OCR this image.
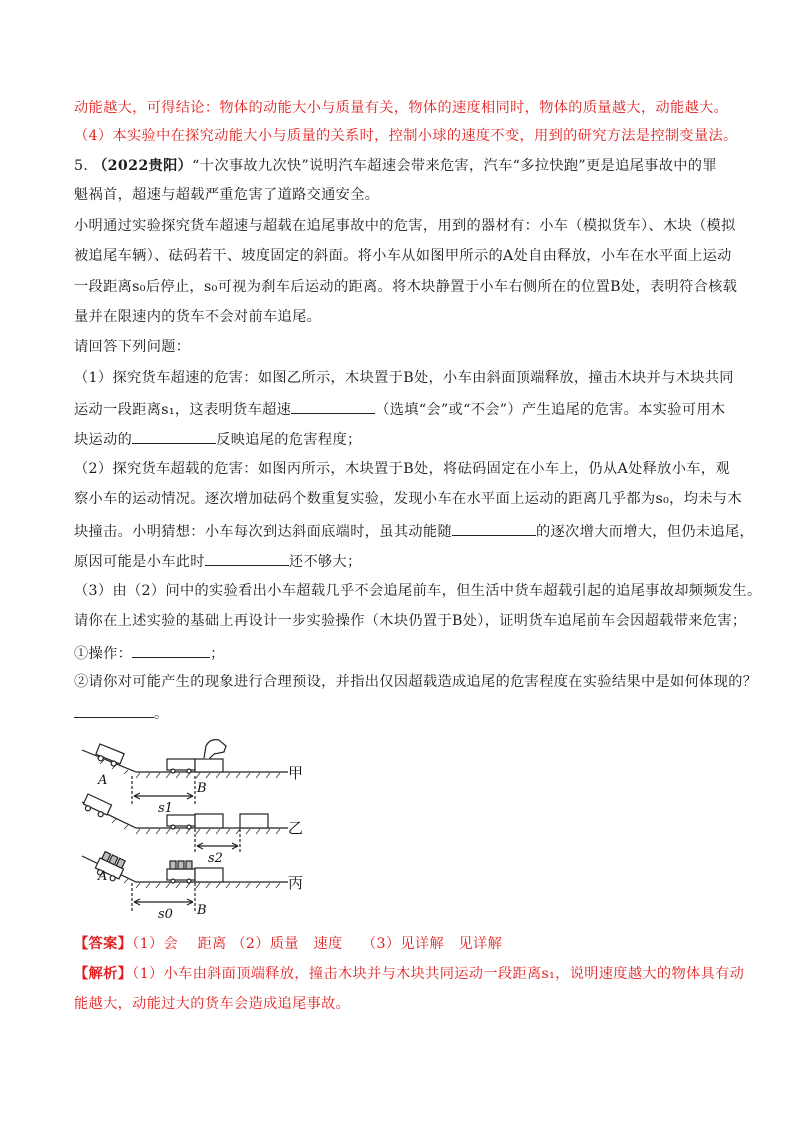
动能越大，可得结论：物体的动能大小与质量有关，物体的速度相同时，物体的质量越大，动能越大。
（4）本实验中在探究动能大小与质量的关系时，控制小球的速度不变，用到的研究方法是控制变量法。
5. （2022贵阳）“十次事故九次快”说明汽车超速会带来危害，汽车“多拉快跑”更是追尾事故中的罪
魁祸首，超速与超载严重危害了道路交通安全。
小明通过实验探究货车超速与超载在追尾事故中的危害，用到的器材有：小车（模拟货车）、木块（模拟
被追尾车辆）、砝码若干、坡度固定的斜面。将小车从如图甲所示的A处自由释放，小车在水平面上运动
一段距离s₀后停止，s₀可视为刹车后运动的距离。将木块静置于小车右侧所在的位置B处，表明符合核载
量并在限速内的货车不会对前车追尾。
请回答下列问题：
（1）探究货车超速的危害：如图乙所示，木块置于B处，小车由斜面顶端释放，撞击木块并与木块共同
运动一段距离s₁，这表明货车超速	（选填“会”或“不会”）产生追尾的危害。本实验可用木
块运动的	反映追尾的危害程度；
（2）探究货车超载的危害：如图丙所示，木块置于B处，将砝码固定在小车上，仍从A处释放小车，观
察小车的运动情况。逐次增加砝码个数重复实验，发现小车在水平面上运动的距离几乎都为s₀，均未与木
块撞击。小明猜想：小车每次到达斜面底端时，虽其动能随	的逐次增大而增大，但仍未追尾，
原因可能是小车此时	还不够大；
（3）由（2）问中的实验看出小车超载几乎不会追尾前车，但生活中货车超载引起的追尾事故却频频发生。
请你在上述实验的基础上再设计一步实验操作（木块仍置于B处），证明货车追尾前车会因超载带来危害；
①操作：	；
②请你对可能产生的现象进行合理预设，并指出仅因超载造成追尾的危害程度在实验结果中是如何体现的？
。
A
B
s1
s2
A
B
s0
甲
乙
丙
【答案】（1）会　 距离 （2）质量　速度　 （3）见详解　见详解
【解析】（1）小车由斜面顶端释放，撞击木块并与木块共同运动一段距离s₁，说明速度越大的物体具有动
能越大，动能过大的货车会造成追尾事故。
